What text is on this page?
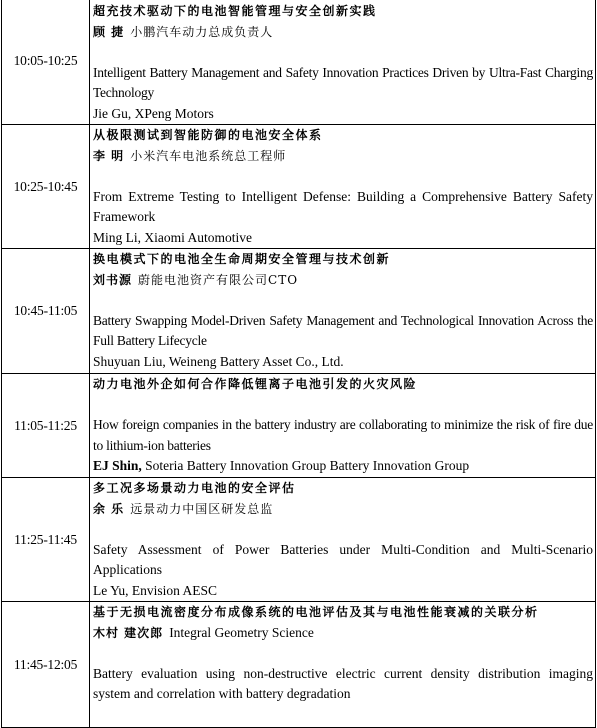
10:05-10:25	超充技术驱动下的电池智能管理与安全创新实践
顾 捷 小鹏汽车动力总成负责人
Intelligent Battery Management and Safety Innovation Practices Driven by Ultra-Fast Charging Technology
Jie Gu, XPeng Motors

10:25-10:45	从极限测试到智能防御的电池安全体系
李 明 小米汽车电池系统总工程师
From Extreme Testing to Intelligent Defense: Building a Comprehensive Battery Safety Framework
Ming Li, Xiaomi Automotive

10:45-11:05	换电模式下的电池全生命周期安全管理与技术创新
刘书源 蔚能电池资产有限公司CTO
Battery Swapping Model-Driven Safety Management and Technological Innovation Across the Full Battery Lifecycle
Shuyuan Liu, Weineng Battery Asset Co., Ltd.

11:05-11:25	动力电池外企如何合作降低锂离子电池引发的火灾风险
How foreign companies in the battery industry are collaborating to minimize the risk of fire due to lithium-ion batteries
EJ Shin, Soteria Battery Innovation Group Battery Innovation Group

11:25-11:45	多工况多场景动力电池的安全评估
余 乐 远景动力中国区研发总监
Safety Assessment of Power Batteries under Multi-Condition and Multi-Scenario Applications
Le Yu, Envision AESC

11:45-12:05	基于无损电流密度分布成像系统的电池评估及其与电池性能衰减的关联分析
木村 建次郎 Integral Geometry Science
Battery evaluation using non-destructive electric current density distribution imaging system and correlation with battery degradation
